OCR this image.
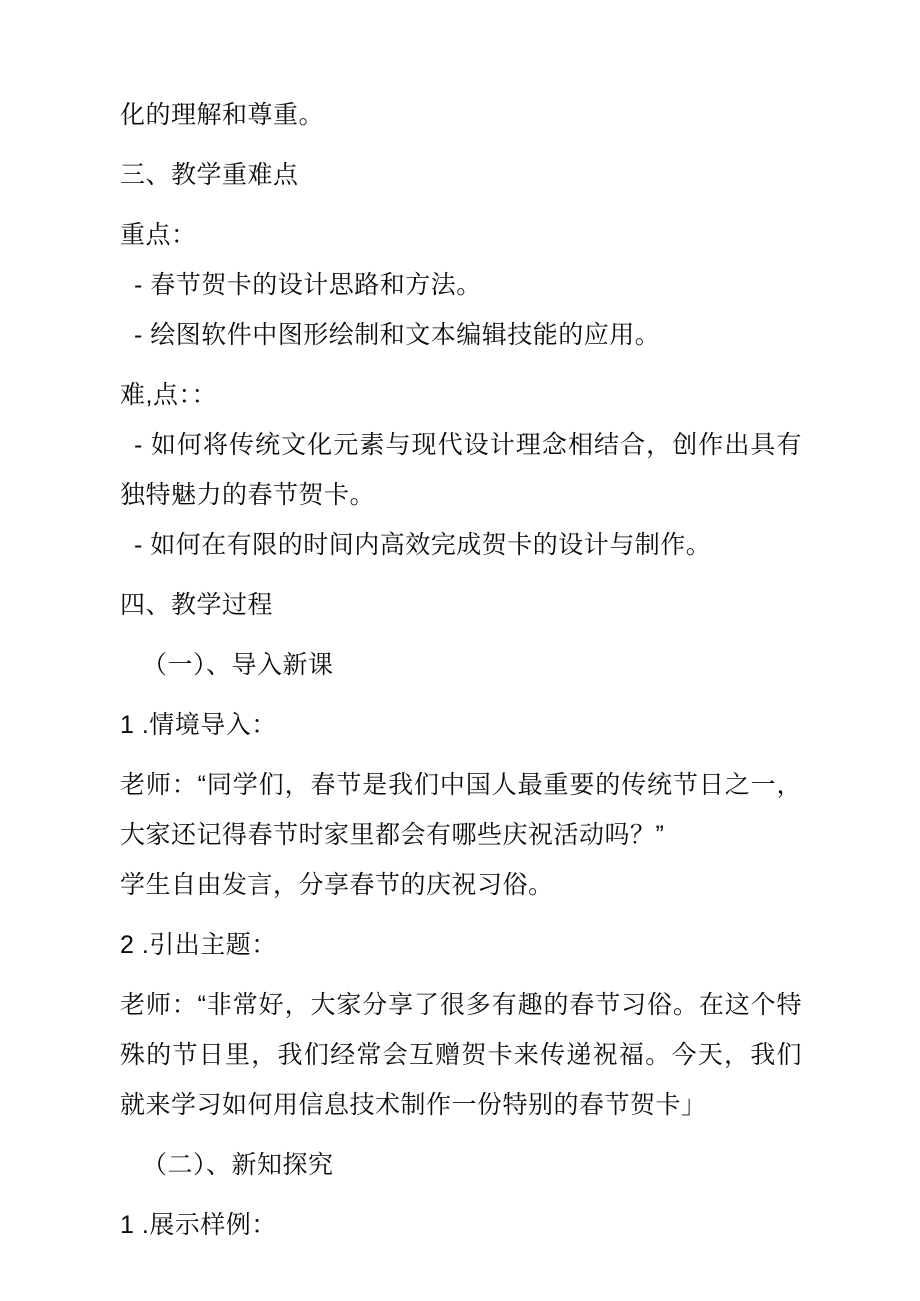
化的理解和尊重。

三、教学重难点

重点：

- 春节贺卡的设计思路和方法。

- 绘图软件中图形绘制和文本编辑技能的应用。

难,点：：

- 如何将传统文化元素与现代设计理念相结合，创作出具有独特魅力的春节贺卡。

- 如何在有限的时间内高效完成贺卡的设计与制作。

四、教学过程

（一）、导入新课

1 .情境导入：

老师：“同学们，春节是我们中国人最重要的传统节日之一，大家还记得春节时家里都会有哪些庆祝活动吗？”

学生自由发言，分享春节的庆祝习俗。

2 .引出主题：

老师：“非常好，大家分享了很多有趣的春节习俗。在这个特殊的节日里，我们经常会互赠贺卡来传递祝福。今天，我们就来学习如何用信息技术制作一份特别的春节贺卡」

（二）、新知探究

1 .展示样例：
